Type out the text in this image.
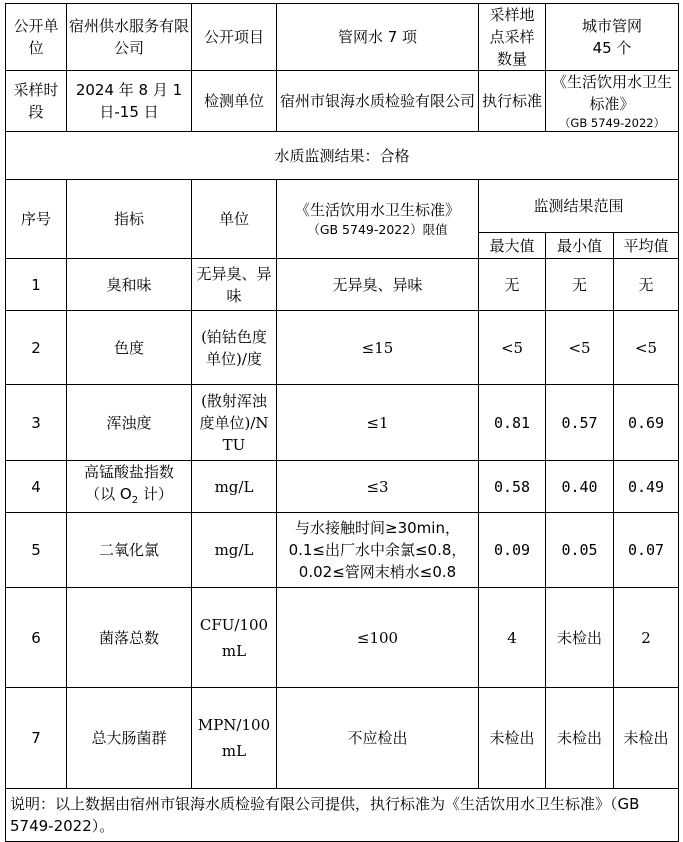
公开单位	宿州供水服务有限公司	公开项目	管网水 7 项	采样地点采样数量	城市管网
45 个	

采样时段	2024 年 8 月 1 日-15 日	检测单位	宿州市银海水质检验有限公司	执行标准	《生活饮用水卫生标准》
（GB 5749-2022）	

水质监测结果：合格						
序号	指标	单位	《生活饮用水卫生标准》
（GB 5749-2022）限值	监测结果范围		
				最大值	最小值	平均值
1	臭和味	无异臭、异味	无异臭、异味	无	无	无
2	色度	(铂钴色度单位)/度	≤15	<5	<5	<5
3	浑浊度	(散射浑浊度单位)/NTU	≤1	0.81	0.57	0.69
4	高锰酸盐指数
（以 $O_2$ 计）	mg/L	≤3	0.58	0.40	0.49
5	二氧化氯	mg/L	与水接触时间≥30min，
0.1≤出厂水中余氯≤0.8，
0.02≤管网末梢水≤0.8	0.09	0.05	0.07
6	菌落总数	CFU/100mL	≤100	4	未检出	2
7	总大肠菌群	MPN/100mL	不应检出	未检出	未检出	未检出
说明：以上数据由宿州市银海水质检验有限公司提供，执行标准为《生活饮用水卫生标准》（GB 5749-2022）。						
